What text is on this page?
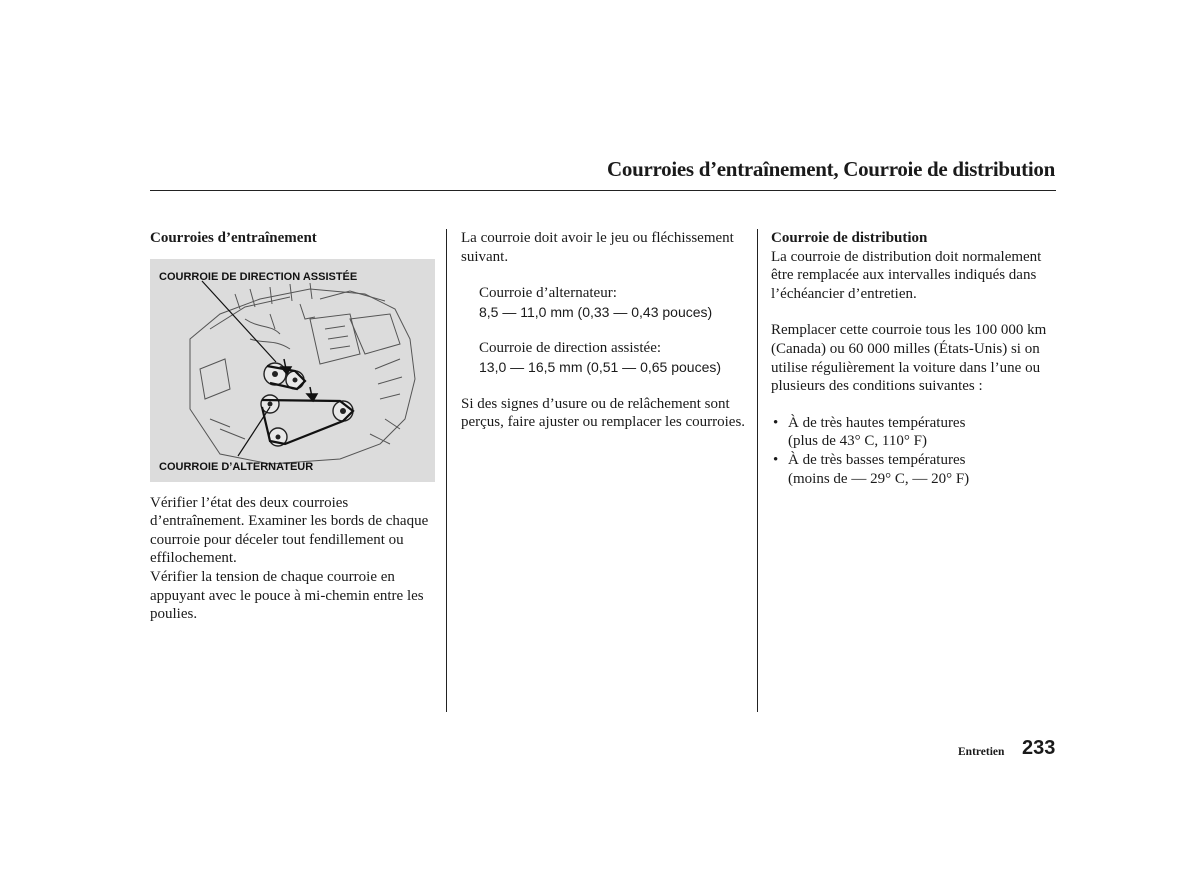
Courroies d’entraînement, Courroie de distribution
Courroies d’entraînement
COURROIE DE DIRECTION ASSISTÉE
COURROIE D’ALTERNATEUR
Vérifier l’état des deux courroies d’entraînement. Examiner les bords de chaque courroie pour déceler tout fendillement ou effilochement.
Vérifier la tension de chaque courroie en appuyant avec le pouce à mi-chemin entre les poulies.
La courroie doit avoir le jeu ou fléchissement suivant.
Courroie d’alternateur:
8,5 — 11,0 mm (0,33 — 0,43 pouces)
Courroie de direction assistée:
13,0 — 16,5 mm (0,51 — 0,65 pouces)
Si des signes d’usure ou de relâchement sont perçus, faire ajuster ou remplacer les courroies.
Courroie de distribution
La courroie de distribution doit normalement être remplacée aux intervalles indiqués dans l’échéancier d’entretien.
Remplacer cette courroie tous les 100 000 km (Canada) ou 60 000 milles (États-Unis) si on utilise régulièrement la voiture dans l’une ou plusieurs des conditions suivantes :
• À de très hautes températures
(plus de 43° C, 110° F)
• À de très basses températures
(moins de — 29° C, — 20° F)
Entretien 233
